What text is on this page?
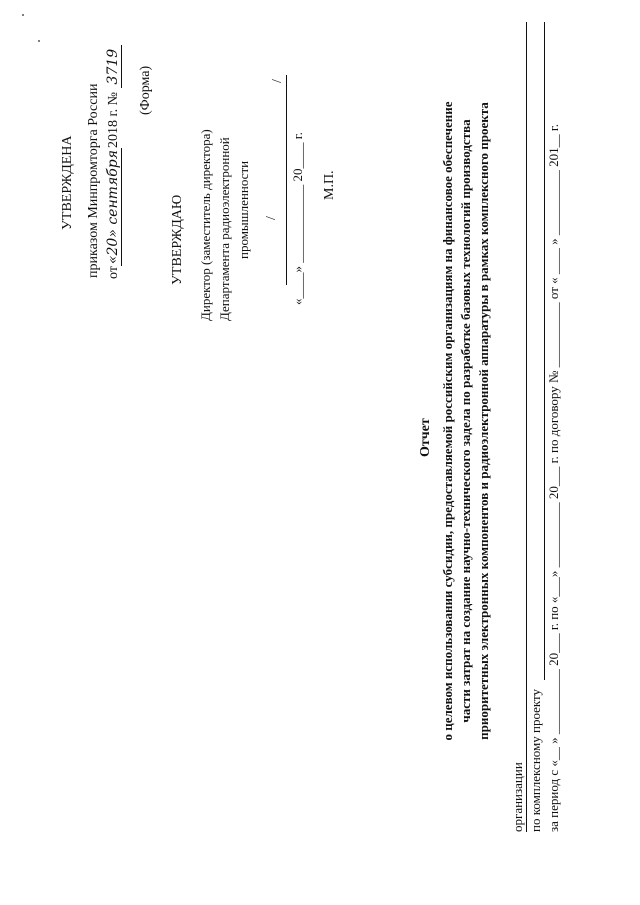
УТВЕРЖДЕНА приказом Минпромторга России от«20» сентября2018 г. № 3719 (Форма)
УТВЕРЖДАЮ Директор (заместитель директора) Департамента радиоэлектронной промышленности /
/
«____» ____________ 20____ г.
М.П.
Отчет о целевом использовании субсидии, предоставляемой российским организациям на финансовое обеспечение части затрат на создание научно-технического задела по разработке базовых технологий производства приоритетных электронных компонентов и радиоэлектронной аппаратуры в рамках комплексного проекта
организации по комплексному проекту за период с «__ » __________ 20___ г. по «___» __________ 20___ г. по договору № __________ от « ____ » __________ 201__ г.
